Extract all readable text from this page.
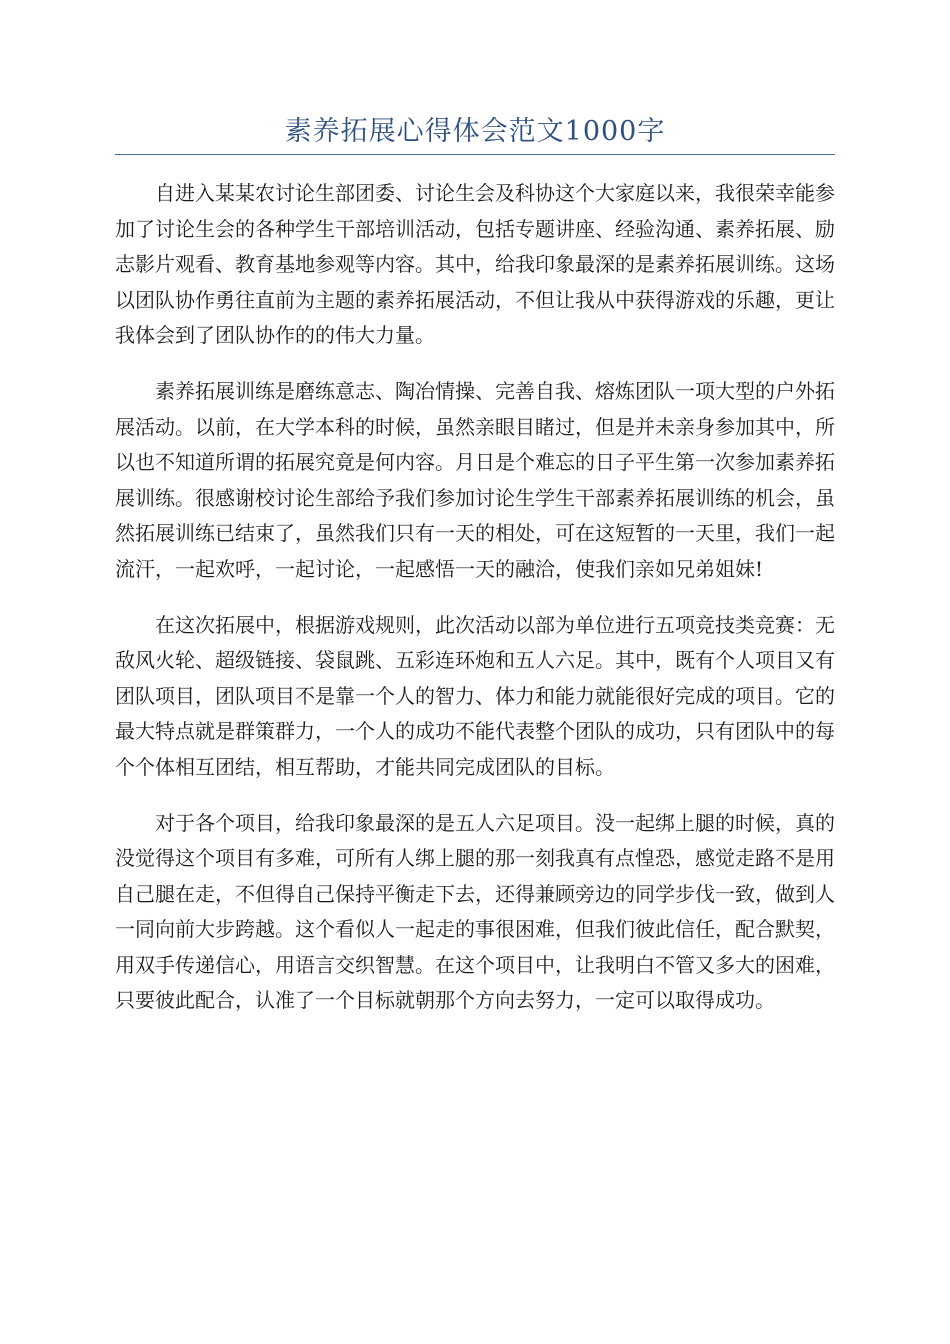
素养拓展心得体会范文1000字

自进入某某农讨论生部团委、讨论生会及科协这个大家庭以来，我很荣幸能参加了讨论生会的各种学生干部培训活动，包括专题讲座、经验沟通、素养拓展、励志影片观看、教育基地参观等内容。其中，给我印象最深的是素养拓展训练。这场以团队协作勇往直前为主题的素养拓展活动，不但让我从中获得游戏的乐趣，更让我体会到了团队协作的的伟大力量。

素养拓展训练是磨练意志、陶冶情操、完善自我、熔炼团队一项大型的户外拓展活动。以前，在大学本科的时候，虽然亲眼目睹过，但是并未亲身参加其中，所以也不知道所谓的拓展究竟是何内容。月日是个难忘的日子平生第一次参加素养拓展训练。很感谢校讨论生部给予我们参加讨论生学生干部素养拓展训练的机会，虽然拓展训练已结束了，虽然我们只有一天的相处，可在这短暂的一天里，我们一起流汗，一起欢呼，一起讨论，一起感悟一天的融洽，使我们亲如兄弟姐妹!

在这次拓展中，根据游戏规则，此次活动以部为单位进行五项竞技类竞赛：无敌风火轮、超级链接、袋鼠跳、五彩连环炮和五人六足。其中，既有个人项目又有团队项目，团队项目不是靠一个人的智力、体力和能力就能很好完成的项目。它的最大特点就是群策群力，一个人的成功不能代表整个团队的成功，只有团队中的每个个体相互团结，相互帮助，才能共同完成团队的目标。

对于各个项目，给我印象最深的是五人六足项目。没一起绑上腿的时候，真的没觉得这个项目有多难，可所有人绑上腿的那一刻我真有点惶恐，感觉走路不是用自己腿在走，不但得自己保持平衡走下去，还得兼顾旁边的同学步伐一致，做到人一同向前大步跨越。这个看似人一起走的事很困难，但我们彼此信任，配合默契，用双手传递信心，用语言交织智慧。在这个项目中，让我明白不管又多大的困难，只要彼此配合，认准了一个目标就朝那个方向去努力，一定可以取得成功。
